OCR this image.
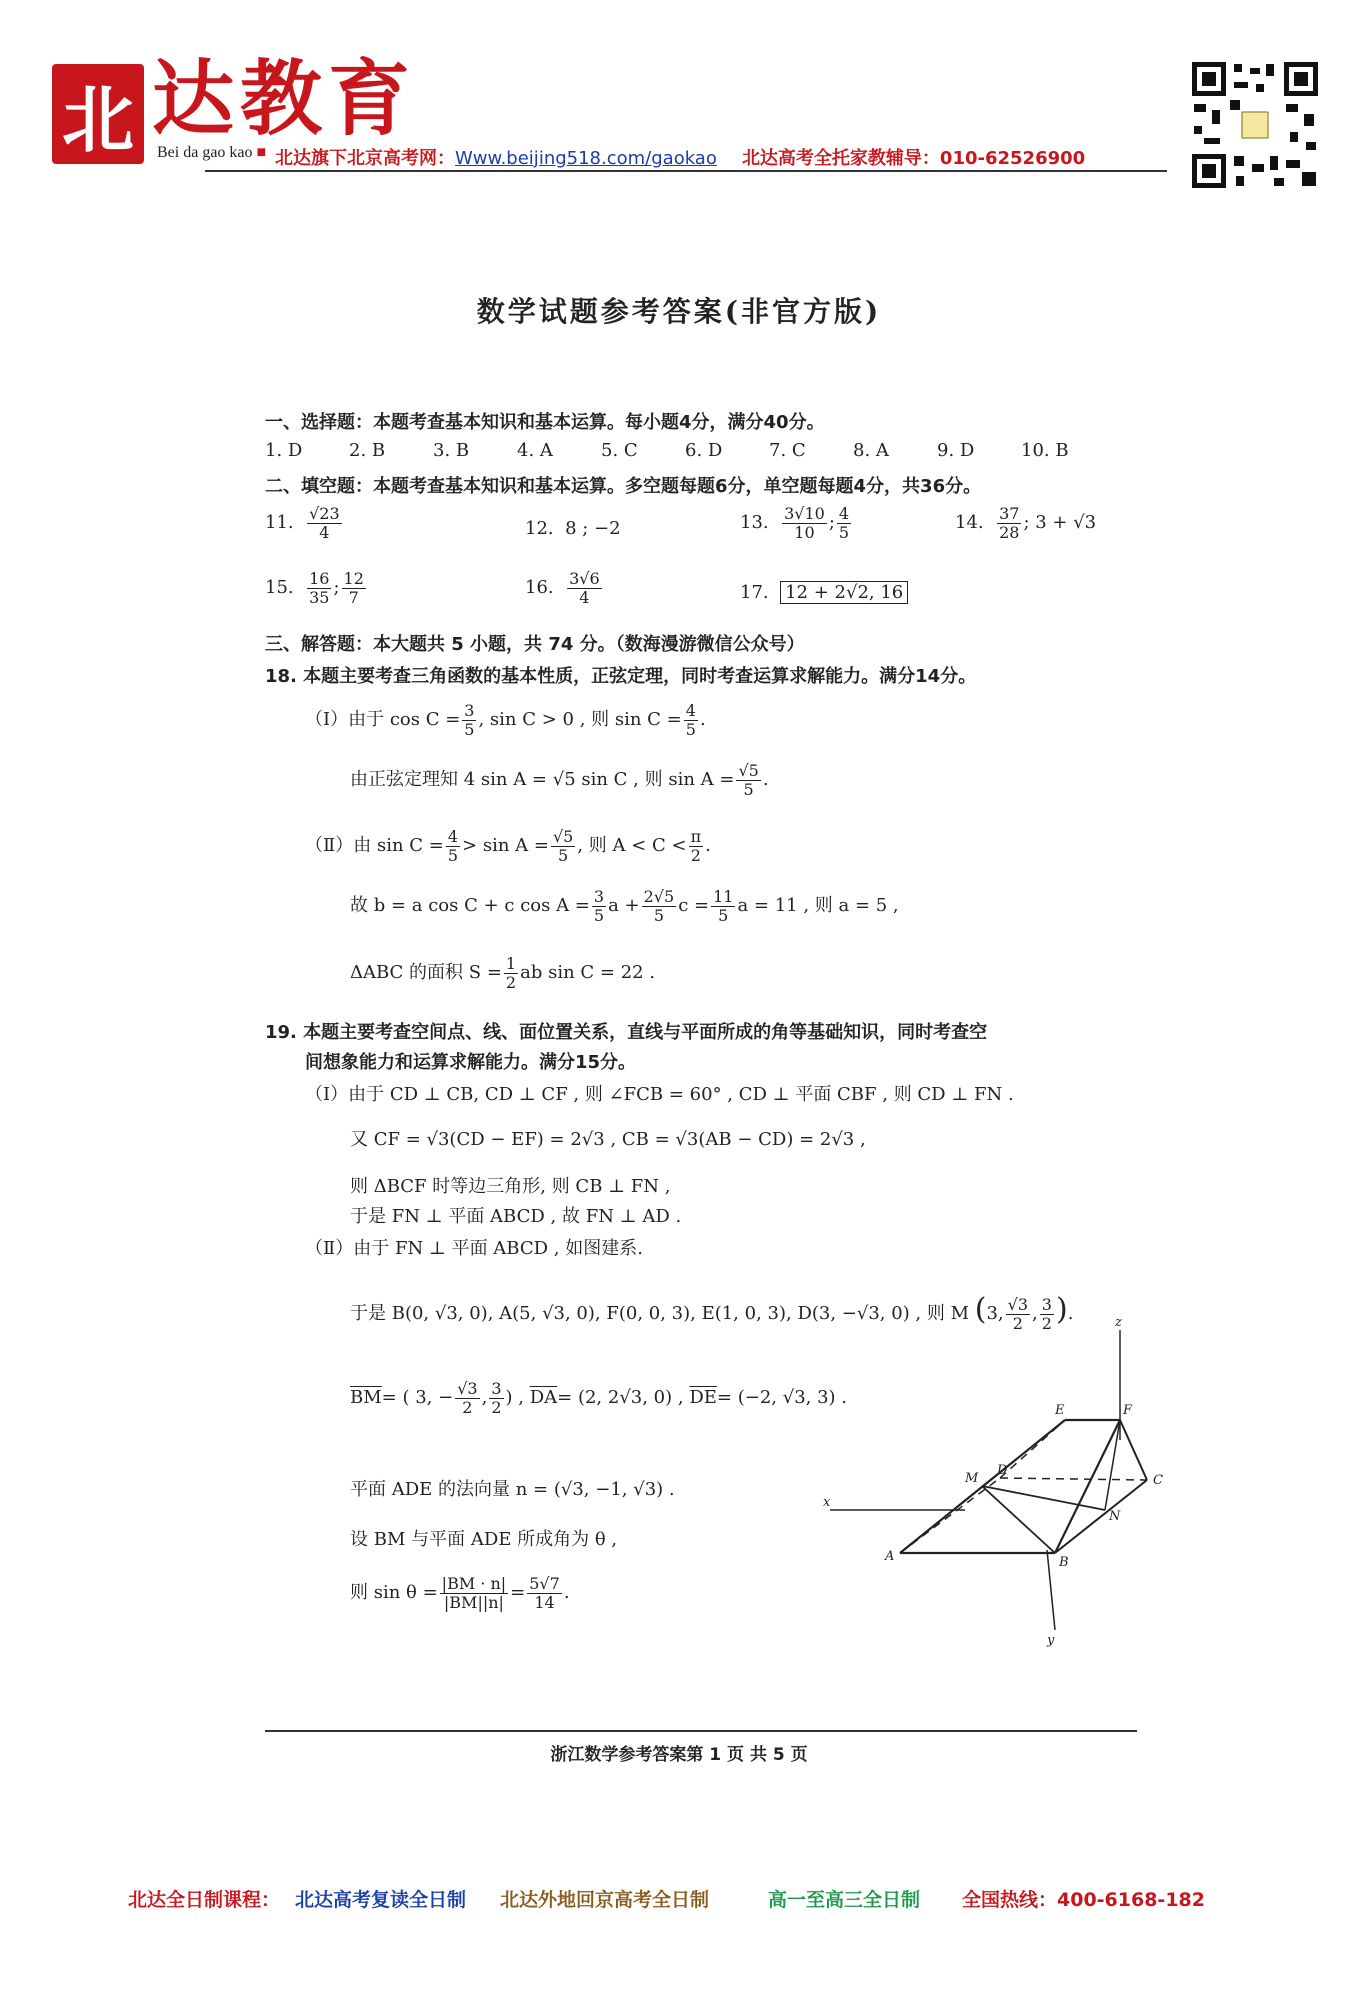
北 达教育
Bei da gao kao ■ 北达旗下北京高考网：Www.beijing518.com/gaokao 北达高考全托家教辅导：010-62526900
数学试题参考答案(非官方版)
一、选择题：本题考查基本知识和基本运算。每小题4分，满分40分。
1. D	2. B	3. B	4. A	5. C	6. D	7. C	8. A	9. D	10. B
二、填空题：本题考查基本知识和基本运算。多空题每题6分，单空题每题4分，共36分。
11. $\frac{√23}{4}$	12. 8 ; −2	13. $\frac{3√10}{10}$ ; $\frac{4}{5}$	14. $\frac{37}{28}$ ; 3 + √3
15. $\frac{16}{35}$ ; $\frac{12}{7}$	16. $\frac{3√6}{4}$	17. 12 + 2√2, 16
三、解答题：本大题共 5 小题，共 74 分。（数海漫游微信公众号）
18. 本题主要考查三角函数的基本性质，正弦定理，同时考查运算求解能力。满分14分。
（Ⅰ）由于 $\cos C = \frac{3}{5}$ , sin C > 0 , 则 $\sin C = \frac{4}{5}$ .
由正弦定理知 4 sin A = √5 sin C , 则 $\sin A = \frac{√5}{5}$ .
（Ⅱ）由 $\sin C = \frac{4}{5} > \sin A = \frac{√5}{5}$ , 则 $A < C < \frac{\pi}{2}$ .
故 b = a cos C + c $\cos A = \frac{3}{5}$ $a + \frac{2√5}{5}$ $c = \frac{11}{5}$ a = 11 , 则 a = 5 ,
ΔABC 的面积 $S = \frac{1}{2}$ ab sin C = 22 .
19. 本题主要考查空间点、线、面位置关系，直线与平面所成的角等基础知识，同时考查空
间想象能力和运算求解能力。满分15分。
（Ⅰ）由于 CD ⊥ CB, CD ⊥ CF , 则 ∠FCB = 60° , CD ⊥ 平面 CBF , 则 CD ⊥ FN .
又 CF = √3(CD − EF) = 2√3 , CB = √3(AB − CD) = 2√3 ,
则 ΔBCF 时等边三角形, 则 CB ⊥ FN ,
于是 FN ⊥ 平面 ABCD , 故 FN ⊥ AD .
（Ⅱ）由于 FN ⊥ 平面 ABCD , 如图建系.
于是 B(0, √3, 0), A(5, √3, 0), F(0, 0, 3), E(1, 0, 3), D(3, −√3, 0) , 则 M (3, $\frac{√3}{2}$ , $\frac{3}{2}$ ).
$\overline{BM}=$ ( 3, − $\frac{√3}{2}$ , $\frac{3}{2}$ ) , $\overline{DA}= (2$, 2√3, 0) , $\overline{DE}= (-2$, √3, 3) .
平面 ADE 的法向量 n = (√3, −1, √3) .
设 BM 与平面 ADE 所成角为 θ ,
则 $\sin \theta = \frac{|BM \cdot n|}{|BM||n|} = \frac{5√7}{14}$ .
z
x
y
A	B
C
E	F
M
N
D
浙江数学参考答案第 1 页 共 5 页
北达全日制课程： 北达高考复读全日制 北达外地回京高考全日制	高一至高三全日制 全国热线：400-6168-182
